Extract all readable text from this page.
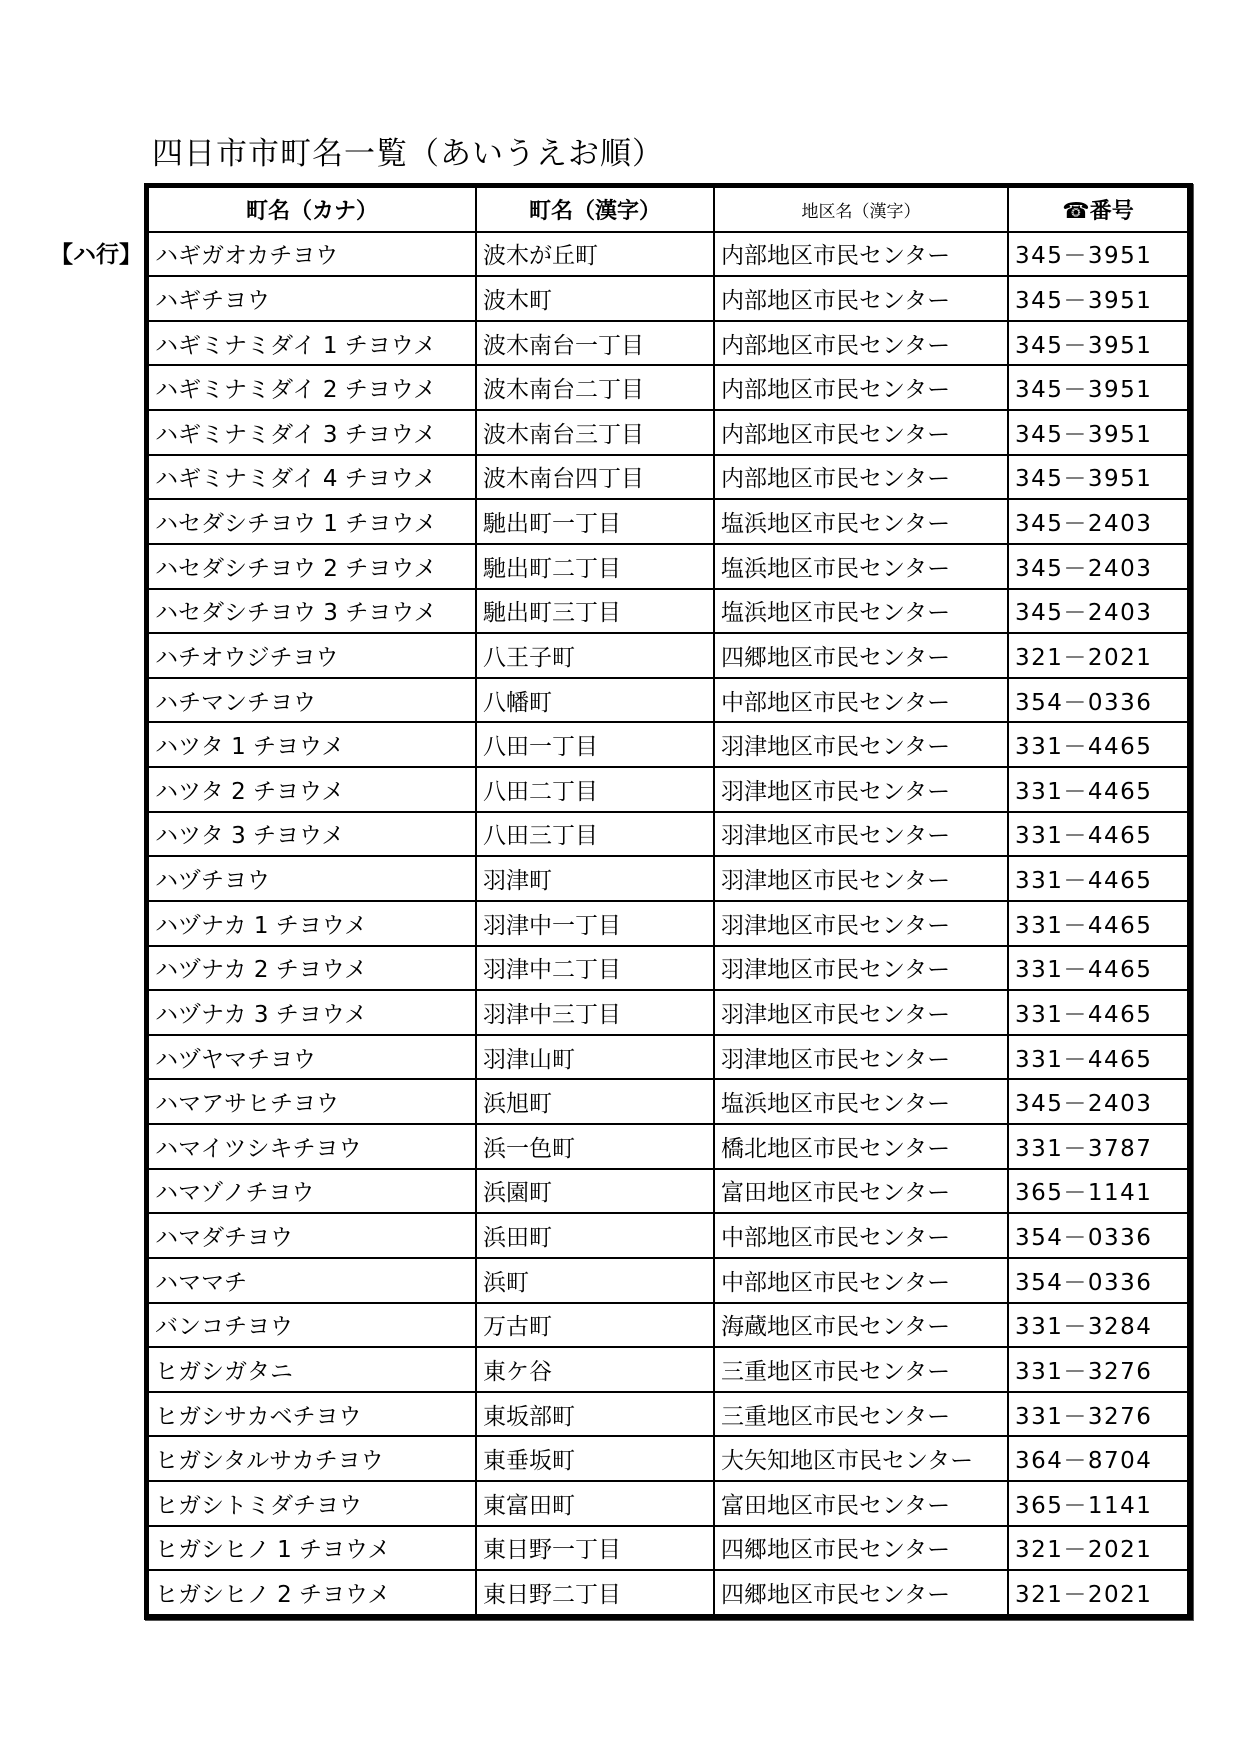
四日市市町名一覧（あいうえお順）
【ハ行】
町名（カナ）	町名（漢字）	地区名（漢字）	☎番号
ハギガオカチヨウ	波木が丘町	内部地区市民センター	345－3951
ハギチヨウ	波木町	内部地区市民センター	345－3951
ハギミナミダイ 1 チヨウメ	波木南台一丁目	内部地区市民センター	345－3951
ハギミナミダイ 2 チヨウメ	波木南台二丁目	内部地区市民センター	345－3951
ハギミナミダイ 3 チヨウメ	波木南台三丁目	内部地区市民センター	345－3951
ハギミナミダイ 4 チヨウメ	波木南台四丁目	内部地区市民センター	345－3951
ハセダシチヨウ 1 チヨウメ	馳出町一丁目	塩浜地区市民センター	345－2403
ハセダシチヨウ 2 チヨウメ	馳出町二丁目	塩浜地区市民センター	345－2403
ハセダシチヨウ 3 チヨウメ	馳出町三丁目	塩浜地区市民センター	345－2403
ハチオウジチヨウ	八王子町	四郷地区市民センター	321－2021
ハチマンチヨウ	八幡町	中部地区市民センター	354－0336
ハツタ 1 チヨウメ	八田一丁目	羽津地区市民センター	331－4465
ハツタ 2 チヨウメ	八田二丁目	羽津地区市民センター	331－4465
ハツタ 3 チヨウメ	八田三丁目	羽津地区市民センター	331－4465
ハヅチヨウ	羽津町	羽津地区市民センター	331－4465
ハヅナカ 1 チヨウメ	羽津中一丁目	羽津地区市民センター	331－4465
ハヅナカ 2 チヨウメ	羽津中二丁目	羽津地区市民センター	331－4465
ハヅナカ 3 チヨウメ	羽津中三丁目	羽津地区市民センター	331－4465
ハヅヤマチヨウ	羽津山町	羽津地区市民センター	331－4465
ハマアサヒチヨウ	浜旭町	塩浜地区市民センター	345－2403
ハマイツシキチヨウ	浜一色町	橋北地区市民センター	331－3787
ハマゾノチヨウ	浜園町	富田地区市民センター	365－1141
ハマダチヨウ	浜田町	中部地区市民センター	354－0336
ハママチ	浜町	中部地区市民センター	354－0336
バンコチヨウ	万古町	海蔵地区市民センター	331－3284
ヒガシガタニ	東ケ谷	三重地区市民センター	331－3276
ヒガシサカベチヨウ	東坂部町	三重地区市民センター	331－3276
ヒガシタルサカチヨウ	東垂坂町	大矢知地区市民センター	364－8704
ヒガシトミダチヨウ	東富田町	富田地区市民センター	365－1141
ヒガシヒノ 1 チヨウメ	東日野一丁目	四郷地区市民センター	321－2021
ヒガシヒノ 2 チヨウメ	東日野二丁目	四郷地区市民センター	321－2021
